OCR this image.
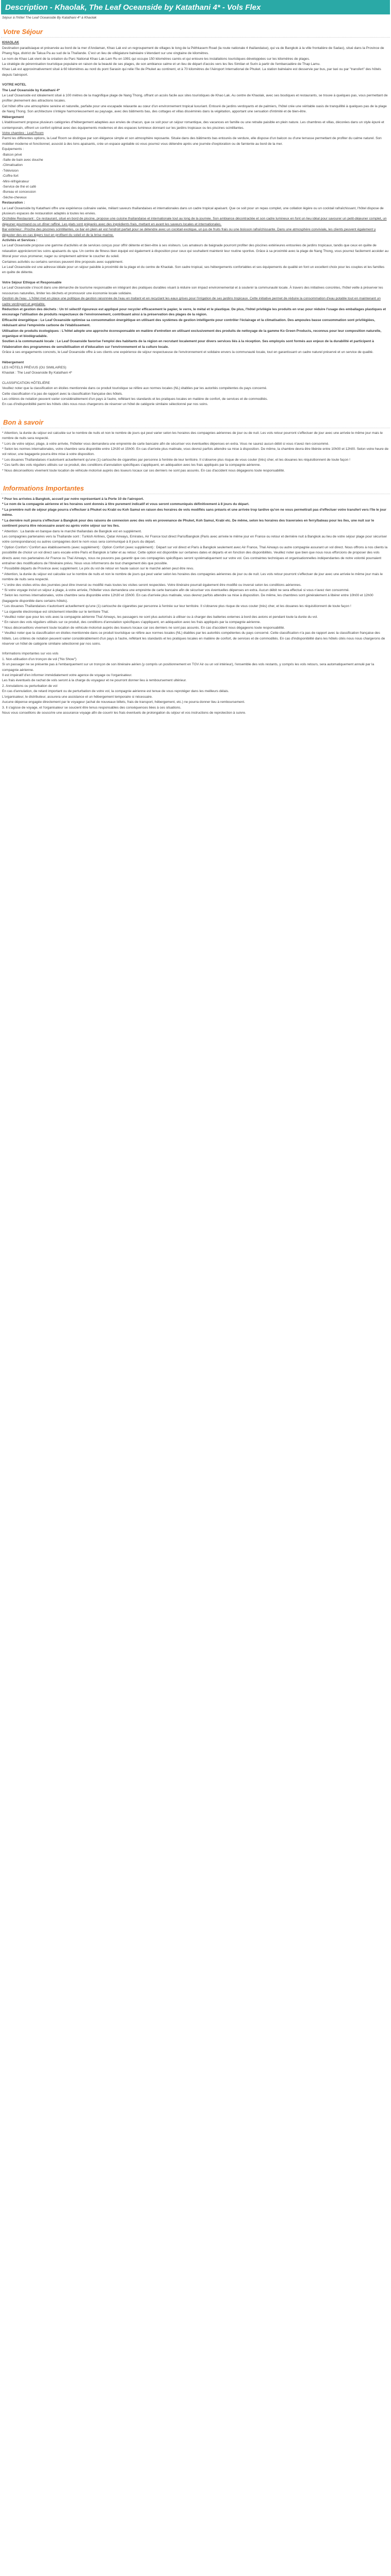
Description - Khaolak, The Leaf Oceanside by Katathani 4* - Vols Flex
Séjour à l'hôtel The Leaf Oceanside By Katathani 4* à Khaolak
Votre Séjour

KHAOLAK
Destination paradisiaque et préservée au bord de la mer d'Andaman, Khao Lak est un regroupement de villages le long de la Péthkasem Road (la route nationale 4 thaïlandaise), qui va de Bangkok à la ville frontalière de Sadao), situé dans la Province de Phang Nga, district de Takua Pa au sud de la Thaïlande. C'est un lieu de villégiature balnéaire s'étendant sur une vingtaine de kilomètres.
Le nom de Khao Lak vient de la création du Parc National Khao Lak-Lam Ru en 1991 qui occupe 150 kilomètres carrés et qui entoure les installations touristiques développées sur les kilomètres de plages.
La stratégie de pérennisation touristique populaire en raison de la beauté de ses plages, de son ambiance calme et un lieu de départ d'accès vers les îles Similan et Surin à partir de l'embarcadère de Thap Lamu.
Khao Lak est approximativement situé à 60 kilomètres au nord du pont Sarasin qui relie l'île de Phuket au continent, et à 70 kilomètres de l'Aéroport International de Phuket. La station balnéaire est desservie par bus, par taxi ou par "transfert" des hôtels depuis l'aéroport.

VOTRE HOTEL
The Leaf Oceanside by Katathani 4*
Le Leaf Oceanside est idéalement situé à 100 mètres de la magnifique plage de Nang Thong, offrant un accès facile aux sites touristiques de Khao Lak. Au centre de Khaolak, avec ses boutiques et restaurants, se trouve à quelques pas, vous permettant de profiter pleinement des attractions locales.
Cet hôtel offre une atmosphère sereine et naturelle, parfaite pour une escapade relaxante au cœur d'un environnement tropical luxuriant. Entouré de jardins verdoyants et de palmiers, l'hôtel crée une véritable oasis de tranquillité à quelques pas de la plage de Nang Thong. Son architecture s'intègre harmonieusement au paysage, avec des bâtiments bas, des cottages et villas disséminés dans la végétation, apportant une sensation d'intimité et de bien-être.
Hébergement
L'établissement propose plusieurs catégories d'hébergement adaptées aux envies de chacun, que ce soit pour un séjour romantique, des vacances en famille ou une retraite paisible en plein nature. Les chambres et villas, décorées dans un style épuré et contemporain, offrent un confort optimal avec des équipements modernes et des espaces lumineux donnant sur les jardins tropicaux ou les piscines scintillantes.
Votre chambre : Leaf Room
Parmi les différentes options, la Leaf Room se distingue par son élégance simple et son atmosphère reposante. Située dans des bâtiments bas entourés de verdure, elle dispose d'un balcon ou d'une terrasse permettant de profiter du calme naturel. Son mobilier moderne et fonctionnel, associé à des tons apaisants, crée un espace agréable où vous pourrez vous détendre après une journée d'exploration ou de farniente au bord de la mer.
Equipements :
-Balcon privé
-Salle de bain avec douche
-Climatisation
-Télévision
-Coffre-fort
-Mini-réfrigérateur
-Service de thé et café
-Bureau et concession
-Sèche-cheveux
Restauration :
Le Leaf Oceanside by Katathani offre une expérience culinaire variée, mêlant saveurs thaïlandaises et internationales dans un cadre tropical apaisant. Que ce soit pour un repas complet, une collation légère ou un cocktail rafraîchissant, l'hôtel dispose de plusieurs espaces de restauration adaptés à toutes les envies.
Orchidée Restaurant : Ce restaurant, situé en bord de piscine, propose une cuisine thaïlandaise et internationale tout au long de la journée. Son ambiance décontractée et son cadre lumineux en font un lieu idéal pour savourer un petit-déjeuner complet, un déjeuner gourmand ou un dîner raffiné. Les plats sont préparés avec des ingrédients frais, mettant en avant les saveurs locales et internationales.
Bar extérieur : Proche des piscines scintillantes, ce bar en plein air est l'endroit parfait pour se détendre avec un cocktail exotique, un jus de fruits frais ou une boisson rafraîchissante. Dans une atmosphère conviviale, les clients peuvent également y déguster des en-cas légers tout en profitant du soleil et de la brise marine.
Activités et Services :
Le Leaf Oceanside propose une gamme d'activités et de services conçus pour offrir détente et bien-être à ses visiteurs. Les amateurs de baignade pourront profiter des piscines extérieures entourées de jardins tropicaux, tandis que ceux en quête de relaxation apprécieront les soins apaisants du spa. Un centre de fitness bien équipé est également à disposition pour ceux qui souhaitent maintenir leur routine sportive. Grâce à sa proximité avec la plage de Nang Thong, vous pourrez facilement accéder au littoral pour vous promener, nager ou simplement admirer le coucher du soleil.
Certaines activités ou certains services peuvent être proposés avec supplément.
Le Leaf Oceanside est une adresse idéale pour un séjour paisible à proximité de la plage et du centre de Khaolak. Son cadre tropical, ses hébergements confortables et ses équipements de qualité en font un excellent choix pour les couples et les familles en quête de détente.

Votre Séjour Ethique et Responsable
Le Leaf Oceanside s'inscrit dans une démarche de tourisme responsable en intégrant des pratiques durables visant à réduire son impact environnemental et à soutenir la communauté locale. À travers des initiatives concrètes, l'hôtel veille à préserver les ressources naturelles, limiter les déchets et promouvoir une économie locale solidaire.
Gestion de l'eau : L'hôtel met en place une politique de gestion raisonnée de l'eau en traitant et en recyclant les eaux grises pour l'irrigation de ses jardins tropicaux. Cette initiative permet de réduire la consommation d'eau potable tout en maintenant un cadre verdoyant et agréable.
Réduction et gestion des déchets : Un tri sélectif rigoureux est appliqué pour recycler efficacement le papier, le verre, le métal et le plastique. De plus, l'hôtel privilégie les produits en vrac pour réduire l'usage des emballages plastiques et encourage l'utilisation de produits respectueux de l'environnement, contribuant ainsi à la préservation des plages de la région.
Efficacité énergétique : Le Leaf Oceanside optimise sa consommation énergétique en utilisant des systèmes de gestion intelligente pour contrôler l'éclairage et la climatisation. Des ampoules basse consommation sont privilégiées, réduisant ainsi l'empreinte carbone de l'établissement.
Utilisation de produits écologiques : L'hôtel adopte une approche écoresponsable en matière d'entretien en utilisant exclusivement des produits de nettoyage de la gamme Ko Green Products, reconnus pour leur composition naturelle, organique et biodégradable.
Soutien à la communauté locale : Le Leaf Oceanside favorise l'emploi des habitants de la région en recrutant localement pour divers services liés à la réception. Ses employés sont formés aux enjeux de la durabilité et participent à l'élaboration des programmes de sensibilisation et d'éducation sur l'environnement et la culture locale.
Grâce à ses engagements concrets, le Leaf Oceanside offre à ses clients une expérience de séjour respectueuse de l'environnement et solidaire envers la communauté locale, tout en garantissant un cadre naturel préservé et un service de qualité.

Hébergement
LES HÔTELS PRÉVUS (OU SIMILAIRES)
Khaolak : The Leaf Oceanside By Katathani 4*

CLASSIFICATION HÔTELIÈRE
Veuillez noter que la classification en étoiles mentionnée dans ce produit touristique se réfère aux normes locales (NL) établies par les autorités compétentes du pays concerné.
Cette classification n'a pas de rapport avec la classification française des hôtels.
Les critères de notation peuvent varier considérablement d'un pays à l'autre, reflétant les standards et les pratiques locales en matière de confort, de services et de commodités.
En cas d'indisponibilité parmi les hôtels cités nous nous chargerons de réserver un hôtel de catégorie similaire sélectionné par nos soins.

Bon à savoir

* Attention, la durée du séjour est calculée sur le nombre de nuits et non le nombre de jours qui peut varier selon les horaires des compagnies aériennes de jour ou de nuit. Les vols retour pourront s'effectuer de jour avec une arrivée le même jour mais le nombre de nuits sera respecté.
* Lors de votre séjour, plage, à votre arrivée, l'hôtelier vous demandera une empreinte de carte bancaire afin de sécuriser vos éventuelles dépenses en extra. Vous ne saurez aucun débit si vous n'avez rien consommé.
* Selon les normes internationales, votre chambre sera disponible entre 12h30 et 15h00. En cas d'arrivée plus matinale, vous devrez parfois attendre sa mise à disposition. De même, la chambre devra être libérée entre 10h00 et 12h00. Selon votre heure de vol retour, une bagagerie pourra être mise à votre disposition.
* Les douanes Thaïlandaises n'autorisent actuellement qu'une (1) cartouche de cigarettes par personne à l'entrée de leur territoire. Il s'observe plus risque de vous couter (très) cher, et les douanes les réquisitionnent de toute façon !
* Ces tarifs des vols réguliers utilisés sur ce produit, des conditions d'annulation spécifiques s'appliquent, en adéquation avec les frais appliqués par la compagnie aérienne.
* Nous déconseillons vivement toute location de véhicule motorisé auprès des loueurs locaux car ces derniers ne sont pas assurés. En cas d'accident nous dégageons toute responsabilité.

Informations Importantes

* Pour les arrivées à Bangkok, accueil par notre représentant à la Porte 10 de l'aéroport.
* Le nom de la compagnie aérienne et les horaires sont donnés à titre purement indicatif et vous seront communiqués définitivement à 8 jours du départ.
* La première nuit de séjour plage pourra s'effectuer à Phuket ou Krabi ou Koh Samui en raison des horaires de vols modifiés sans préavis et une arrivée trop tardive qu'on ne vous permettrait pas d'effectuer votre transfert vers l'île le jour même.
* La dernière nuit pourra s'effectuer à Bangkok pour des raisons de connexion avec des vols en provenance de Phuket, Koh Samui, Krabi etc. De même, selon les horaires des traversées en ferry/bateau pour les îles, une nuit sur le continent pourra être nécessaire avant ou après votre séjour sur les îles.
* Attention : La bande en banque dans le marché thaïlandais de Bangkok est en supplément.
Les compagnies partenaires vers la Thaïlande sont : Turkish Airlines, Qatar Airways, Emirates, Air France tout direct Paris/Bangkok (Paris avec arrivée le même jour en France ou retour et dernière nuit à Bangkok au lieu de votre séjour plage pour sécuriser votre correspondance) ou autres compagnies dont le nom vous sera communiqué à 8 jours du départ.
* Option Confort / Confort aux établissements (avec supplément) : Option Confort (avec supplément) : Départ sur vol direct et Paris à Bangkok seulement avec Air France, Thaï Airways ou autre compagnie assurant un vol direct. Nous offrons à nos clients la possibilité de choisir un vol direct sans escale entre Paris et Bangkok à l'aller et au retour. Cette option est disponible sur certaines dates et départs et en fonction des disponibilités. Veuillez noter que bien que nous nous efforcions de proposer des vols directs avec nos partenaires Air France ou Thaï Airways, nous ne pouvons pas garantir que ces compagnies spécifiques seront systématiquement sur votre vol. Ces contraintes techniques et organisationnelles indépendantes de notre volonté pourraient entraîner des modifications de l'itinéraire prévu. Nous vous informerons de tout changement dès que possible.
* Possibilité départs de Province avec supplément. Le prix du vol de retour en haute saison sur le marché aérien peut être revu.
* Attention, la durée du séjour est calculée sur le nombre de nuits et non le nombre de jours qui peut varier selon les horaires des compagnies aériennes de jour ou de nuit. Les vols retour pourront s'effectuer de jour avec une arrivée le même jour mais le nombre de nuits sera respecté.
* L'ordre des visites et/ou des journées peut être inversé ou modifié mais toutes les visites seront respectées. Votre itinéraire pourrait également être modifié ou inversé selon les conditions aériennes.
* Si votre voyage inclut un séjour à plage, à votre arrivée, l'hôtelier vous demandera une empreinte de carte bancaire afin de sécuriser vos éventuelles dépenses en extra. Aucun débit ne sera effectué si vous n'avez rien consommé.
* Selon les normes internationales, votre chambre sera disponible entre 12h30 et 15h00. En cas d'arrivée plus matinale, vous devrez parfois attendre sa mise à disposition. De même, les chambres sont généralement à libérer entre 10h00 et 12h00 (bagagerie disponible dans certains hôtels).
* Les douanes Thaïlandaises n'autorisent actuellement qu'une (1) cartouche de cigarettes par personne à l'entrée sur leur territoire. Il s'observe plus risque de vous couter (très) cher, et les douanes les réquisitionnent de toute façon !
* La cigarette électronique est strictement interdite sur le territoire Thaï.
* Veuillez noter que pour les vols avec la compagnie aérienne Thaï Airways, les passagers ne sont plus autorisés à utiliser ou à charger des batteries externes à bord des avions et pendant toute la durée du vol.
* En raison des vols réguliers utilisés sur ce produit, des conditions d'annulation spécifiques s'appliquent, en adéquation avec les frais appliqués par la compagnie aérienne.
* Nous déconseillons vivement toute location de véhicule motorisé auprès des loueurs locaux car ces derniers ne sont pas assurés. En cas d'accident nous dégageons toute responsabilité.
* Veuillez noter que la classification en étoiles mentionnée dans ce produit touristique se réfère aux normes locales (NL) établies par les autorités compétentes du pays concerné. Cette classification n'a pas de rapport avec la classification française des hôtels. Les critères de notation peuvent varier considérablement d'un pays à l'autre, reflétant les standards et les pratiques locales en matière de confort, de services et de commodités. En cas d'indisponibilité dans les hôtels cités nous nous chargerons de réserver un hôtel de catégorie similaire sélectionné par nos soins.

Informations importantes sur vos vols
1. Non-utilisation d'un tronçon de vol ("No Show")
Si un passager ne se présente pas à l'embarquement sur un tronçon de son itinéraire aérien (y compris un positionnement en TGV Air ou un vol intérieur), l'ensemble des vols restants, y compris les vols retours, sera automatiquement annulé par la compagnie aérienne.
Il est impératif d'en informer immédiatement votre agence de voyage ou l'organisateur.
Les frais éventuels de rachat de vols seront à la charge du voyageur et ne pourront donner lieu à remboursement ultérieur.
2. Annulations ou perturbation de vol
En cas d'annulation, de retard important ou de perturbation de votre vol, la compagnie aérienne est tenue de vous reprotéger dans les meilleurs délais.
L'organisateur, le distributeur, assurera une assistance et un hébergement temporaire si nécessaire.
Aucune dépense engagée directement par le voyageur (achat de nouveaux billets, frais de transport, hébergement, etc.) ne pourra donner lieu à remboursement.
3. Il s'agisse de voyage, et l'organisateur se soucient être tenus responsables des conséquences liées à ces situations.
Nous vous conseillons de souscrire une assurance voyage afin de couvrir les frais éventuels de prolongation du séjour et vos instructions de reprotection à suivre.
